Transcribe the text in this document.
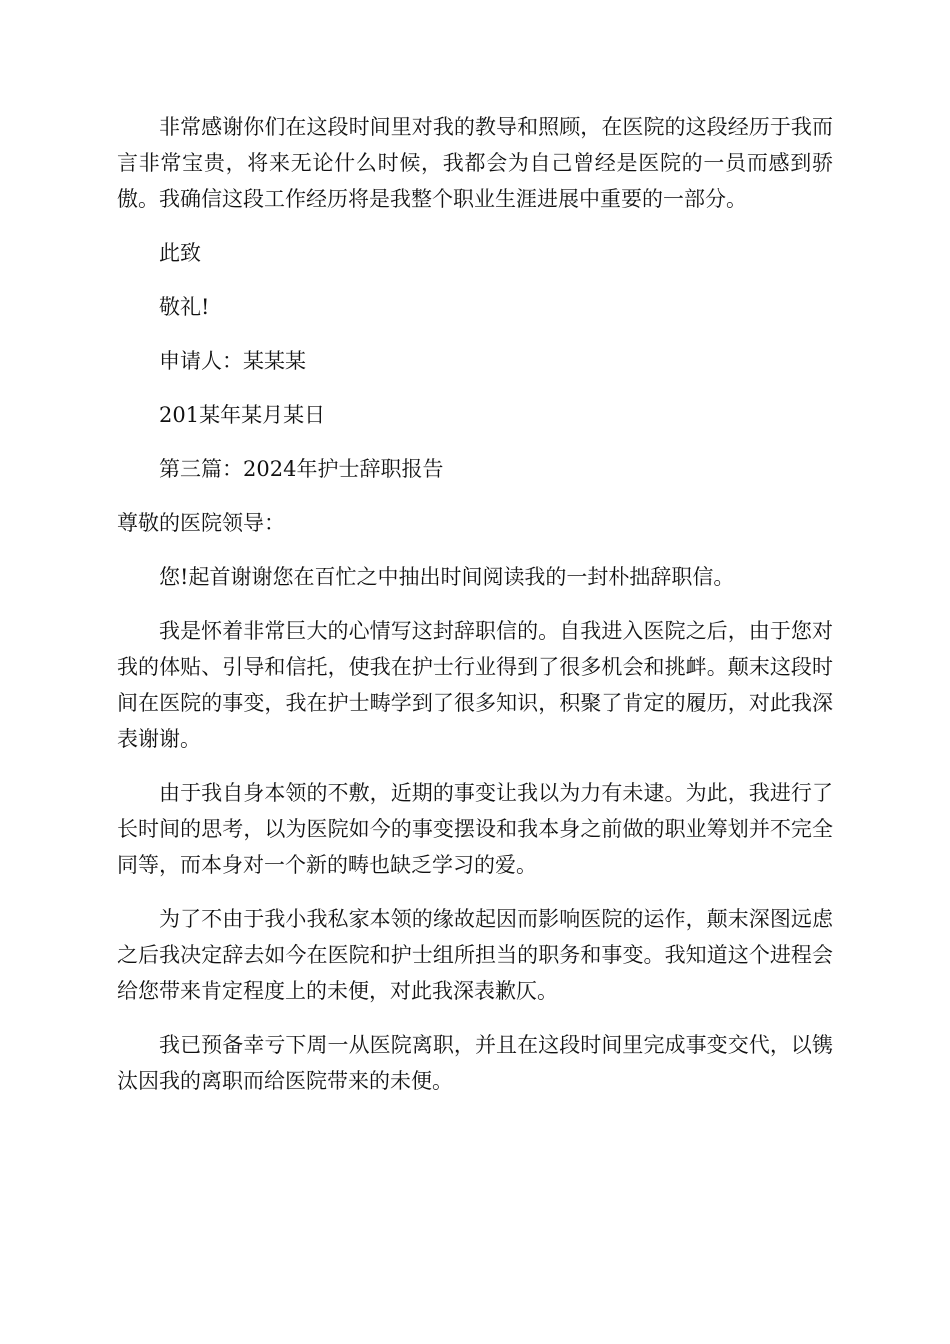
非常感谢你们在这段时间里对我的教导和照顾，在医院的这段经历于我而言非常宝贵，将来无论什么时候，我都会为自己曾经是医院的一员而感到骄傲。我确信这段工作经历将是我整个职业生涯进展中重要的一部分。

此致

敬礼!

申请人：某某某

201某年某月某日

第三篇：2024年护士辞职报告

尊敬的医院领导：

您!起首谢谢您在百忙之中抽出时间阅读我的一封朴拙辞职信。

我是怀着非常巨大的心情写这封辞职信的。自我进入医院之后，由于您对我的体贴、引导和信托，使我在护士行业得到了很多机会和挑衅。颠末这段时间在医院的事变，我在护士畴学到了很多知识，积聚了肯定的履历，对此我深表谢谢。

由于我自身本领的不敷，近期的事变让我以为力有未逮。为此，我进行了长时间的思考，以为医院如今的事变摆设和我本身之前做的职业筹划并不完全同等，而本身对一个新的畴也缺乏学习的爱。

为了不由于我小我私家本领的缘故起因而影响医院的运作，颠末深图远虑之后我决定辞去如今在医院和护士组所担当的职务和事变。我知道这个进程会给您带来肯定程度上的未便，对此我深表歉仄。

我已预备幸亏下周一从医院离职，并且在这段时间里完成事变交代，以镌汰因我的离职而给医院带来的未便。
